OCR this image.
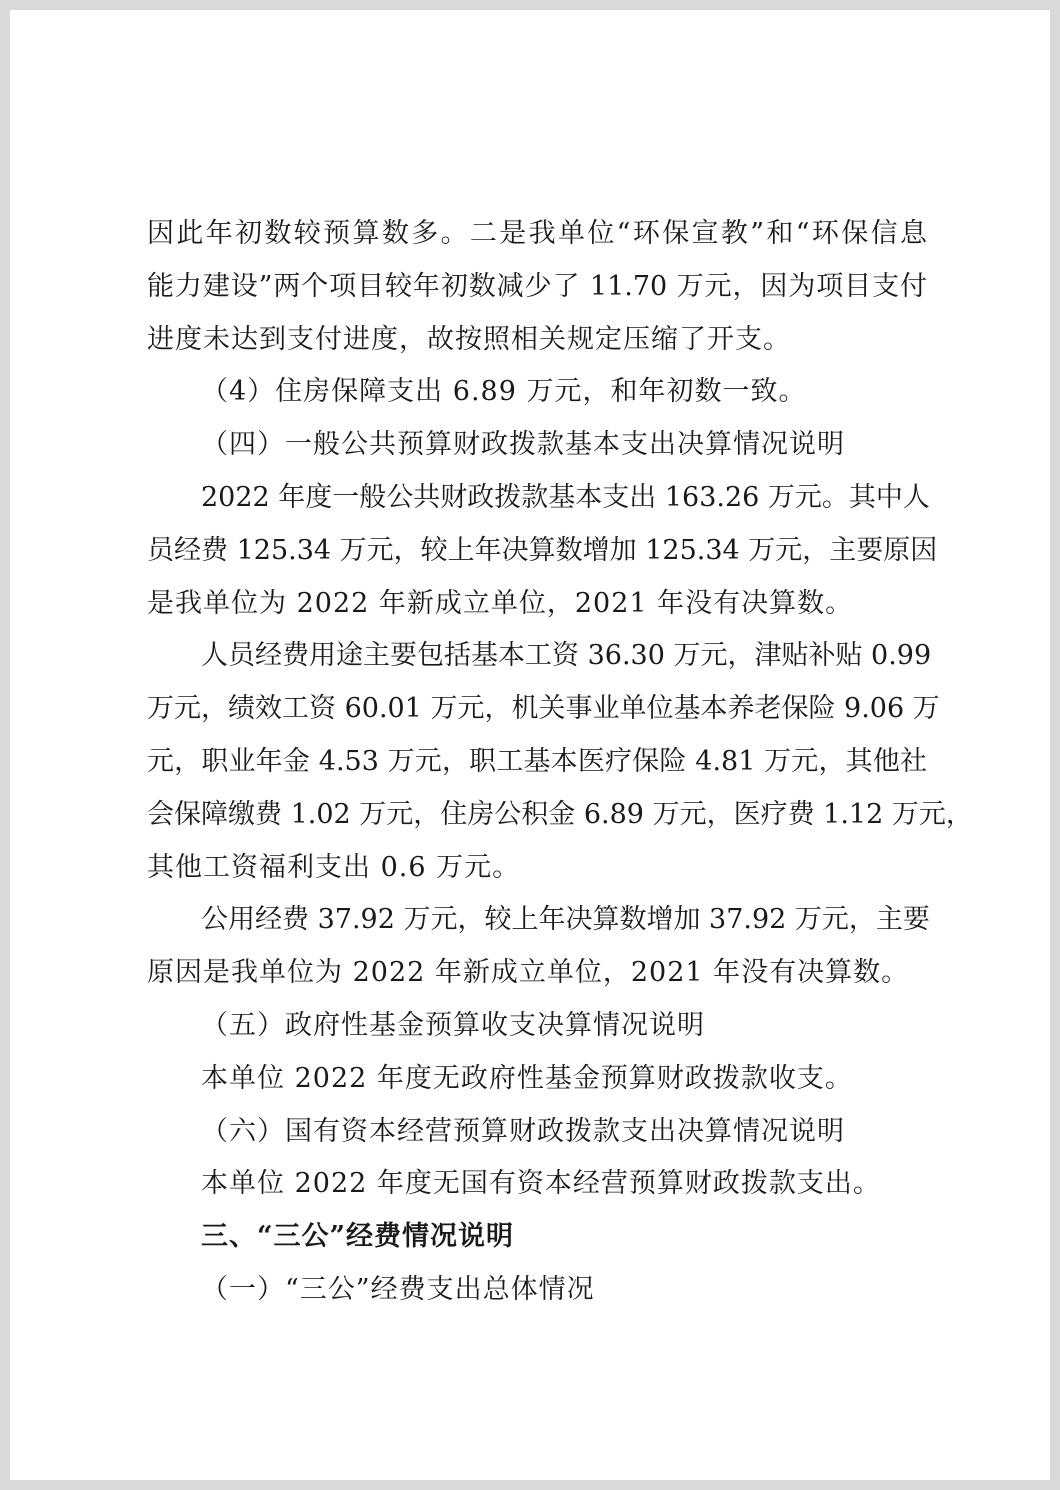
因此年初数较预算数多。二是我单位“环保宣教”和“环保信息
能力建设”两个项目较年初数减少了 11.70 万元，因为项目支付
进度未达到支付进度，故按照相关规定压缩了开支。
（4）住房保障支出 6.89 万元，和年初数一致。
（四）一般公共预算财政拨款基本支出决算情况说明
2022 年度一般公共财政拨款基本支出 163.26 万元。其中人
员经费 125.34 万元，较上年决算数增加 125.34 万元，主要原因
是我单位为 2022 年新成立单位，2021 年没有决算数。
人员经费用途主要包括基本工资 36.30 万元，津贴补贴 0.99
万元，绩效工资 60.01 万元，机关事业单位基本养老保险 9.06 万
元，职业年金 4.53 万元，职工基本医疗保险 4.81 万元，其他社
会保障缴费 1.02 万元，住房公积金 6.89 万元，医疗费 1.12 万元，
其他工资福利支出 0.6 万元。
公用经费 37.92 万元，较上年决算数增加 37.92 万元，主要
原因是我单位为 2022 年新成立单位，2021 年没有决算数。
（五）政府性基金预算收支决算情况说明
本单位 2022 年度无政府性基金预算财政拨款收支。
（六）国有资本经营预算财政拨款支出决算情况说明
本单位 2022 年度无国有资本经营预算财政拨款支出。
三、“三公”经费情况说明
（一）“三公”经费支出总体情况
